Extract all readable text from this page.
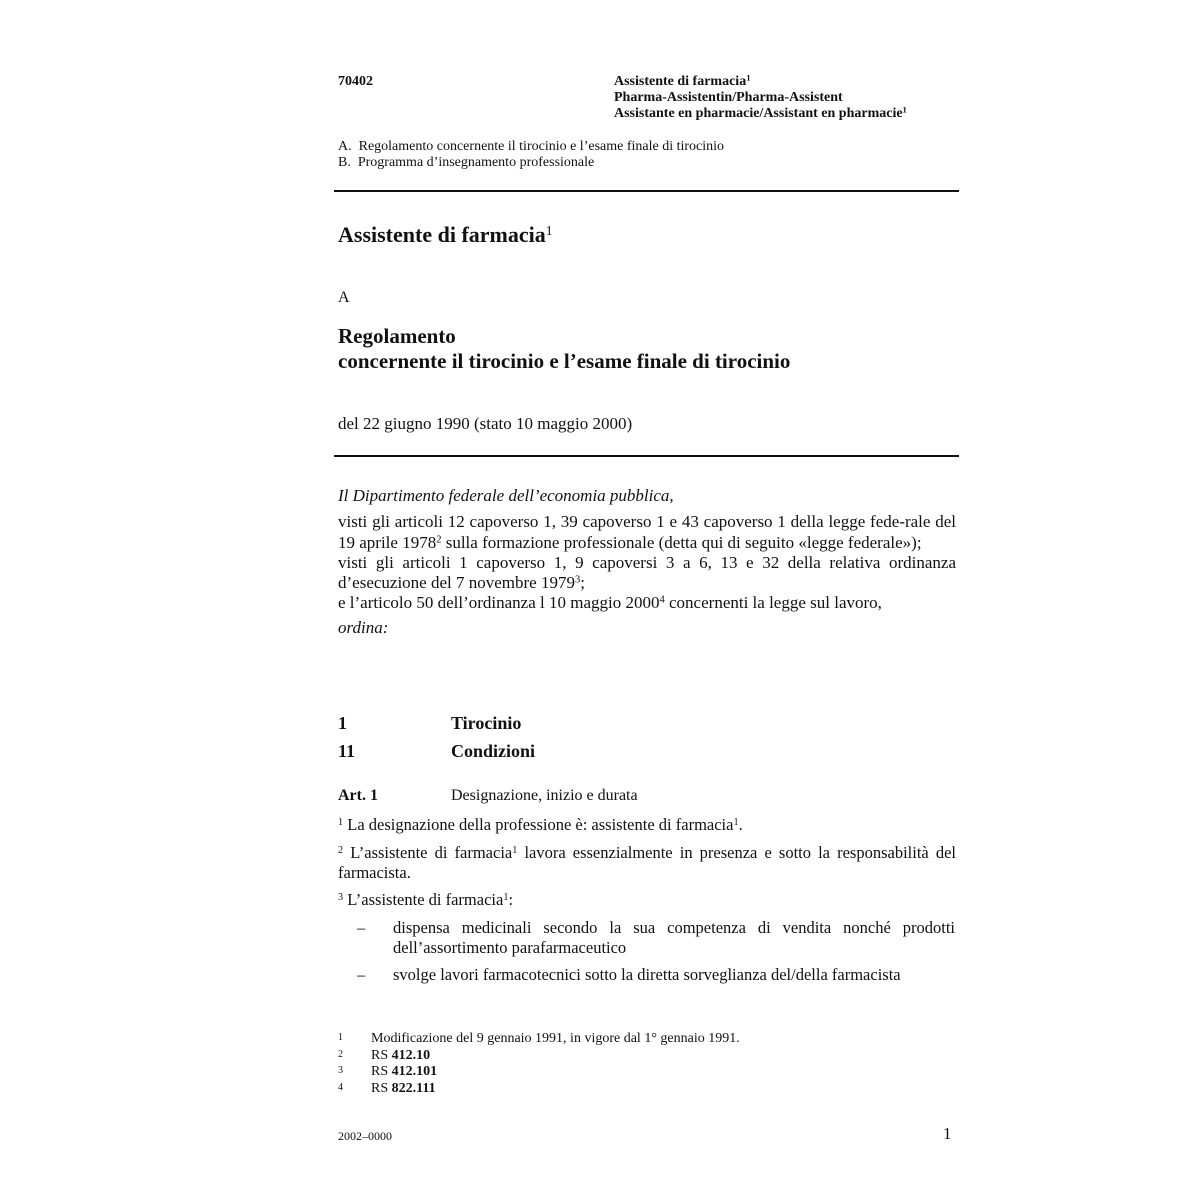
70402	Assistente di farmacia$^1$
Pharma-Assistentin/Pharma-Assistent
Assistante en pharmacie/Assistant en pharmacie$^1$
A.  Regolamento concernente il tirocinio e l’esame finale di tirocinio
B.  Programma d’insegnamento professionale
Assistente di farmacia$^1$
A
Regolamento
concernente il tirocinio e l’esame finale di tirocinio
del 22 giugno 1990 (stato 10 maggio 2000)

Il Dipartimento federale dell’economia pubblica,

visti gli articoli 12 capoverso 1, 39 capoverso 1 e 43 capoverso 1 della legge fede-rale del 19 aprile 1978$^2$ sulla formazione professionale (detta qui di seguito «legge federale»);

visti gli articoli 1 capoverso 1, 9 capoversi 3 a 6, 13 e 32 della relativa ordinanza d’esecuzione del 7 novembre 1979$^3$;

e l’articolo 50 dell’ordinanza l 10 maggio 2000$^4$ concernenti la legge sul lavoro,

ordina:

1	Tirocinio
11	Condizioni
Art. 1	Designazione, inizio e durata
$^1$ La designazione della professione è: assistente di farmacia$^1$.
$^2$ L’assistente di farmacia$^1$ lavora essenzialmente in presenza e sotto la responsabilità del farmacista.
$^3$ L’assistente di farmacia$^1$:
– dispensa medicinali secondo la sua competenza di vendita nonché prodotti dell’assortimento parafarmaceutico
– svolge lavori farmacotecnici sotto la diretta sorveglianza del/della farmacista
1	Modificazione del 9 gennaio 1991, in vigore dal 1° gennaio 1991.
2	RS 412.10
3	RS 412.101
4	RS 822.111
2002–0000	1
